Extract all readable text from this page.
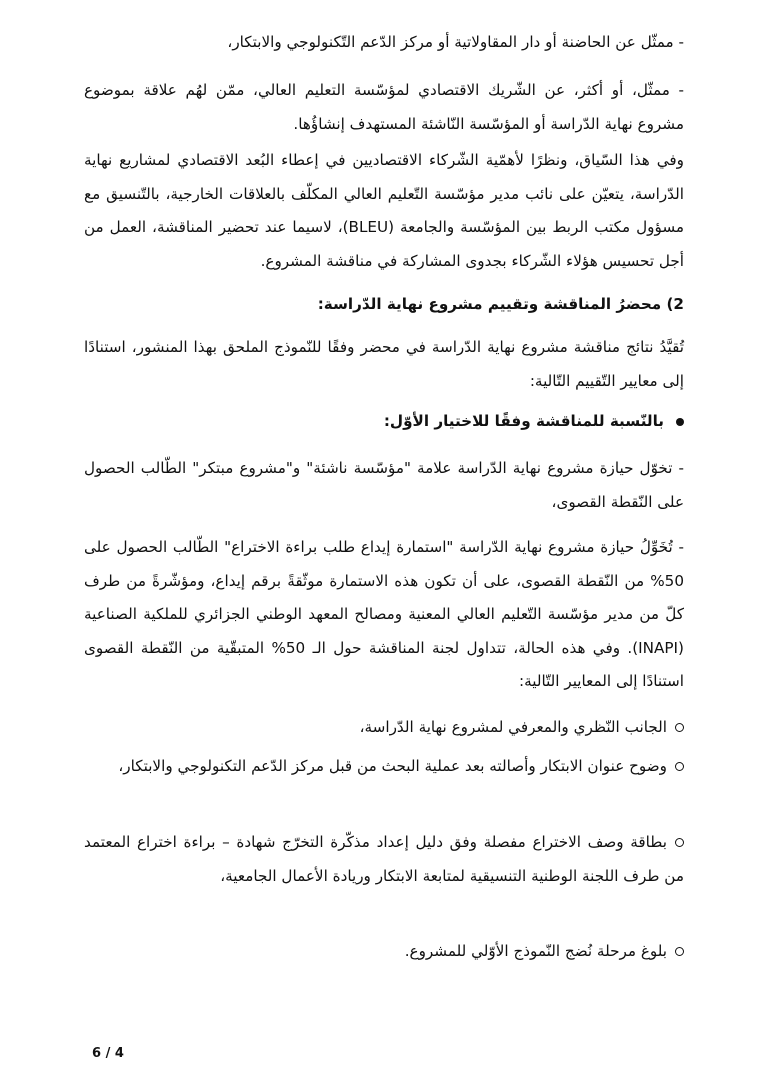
- ممثّل عن الحاضنة أو دار المقاولاتية أو مركز الدّعم التّكنولوجي والابتكار،

- ممثّل، أو أكثر، عن الشّريك الاقتصادي لمؤسّسة التعليم العالي، ممّن لهُم علاقة بموضوع مشروع نهاية الدّراسة أو المؤسّسة النّاشئة المستهدف إنشاؤُها.

وفي هذا السّياق، ونظرًا لأهمّية الشّركاء الاقتصاديين في إعطاء البُعد الاقتصادي لمشاريع نهاية الدّراسة، يتعيّن على نائب مدير مؤسّسة التّعليم العالي المكلّف بالعلاقات الخارجية، بالتّنسيق مع مسؤول مكتب الربط بين المؤسّسة والجامعة (BLEU)، لاسيما عند تحضير المناقشة، العمل من أجل تحسيس هؤلاء الشّركاء بجدوى المشاركة في مناقشة المشروع.

2) محضرُ المناقشة وتقييم مشروع نهاية الدّراسة:

تُقيَّدُ نتائج مناقشة مشروع نهاية الدّراسة في محضر وفقًا للنّموذج الملحق بهذا المنشور، استنادًا إلى معايير التّقييم التّالية:

بالنّسبة للمناقشة وفقًا للاختيار الأوّل:

- تخوّل حيازة مشروع نهاية الدّراسة علامة "مؤسّسة ناشئة" و"مشروع مبتكر" الطّالب الحصول على النّقطة القصوى،

- تُخَوِّلُ حيازة مشروع نهاية الدّراسة "استمارة إيداع طلب براءة الاختراع" الطّالب الحصول على 50% من النّقطة القصوى، على أن تكون هذه الاستمارة موثّقةً برقم إيداع، ومؤشّرةً من طرف كلّ من مدير مؤسّسة التّعليم العالي المعنية ومصالح المعهد الوطني الجزائري للملكية الصناعية (INAPI). وفي هذه الحالة، تتداول لجنة المناقشة حول الـ 50% المتبقّية من النّقطة القصوى استنادًا إلى المعايير التّالية:

الجانب النّظري والمعرفي لمشروع نهاية الدّراسة،
وضوح عنوان الابتكار وأصالته بعد عملية البحث من قبل مركز الدّعم التكنولوجي والابتكار،
بطاقة وصف الاختراع مفصلة وفق دليل إعداد مذكّرة التخرّج شهادة – براءة اختراع المعتمد من طرف اللجنة الوطنية التنسيقية لمتابعة الابتكار وريادة الأعمال الجامعية،
بلوغ مرحلة نُضج النّموذج الأوّلي للمشروع.
6 / 4
